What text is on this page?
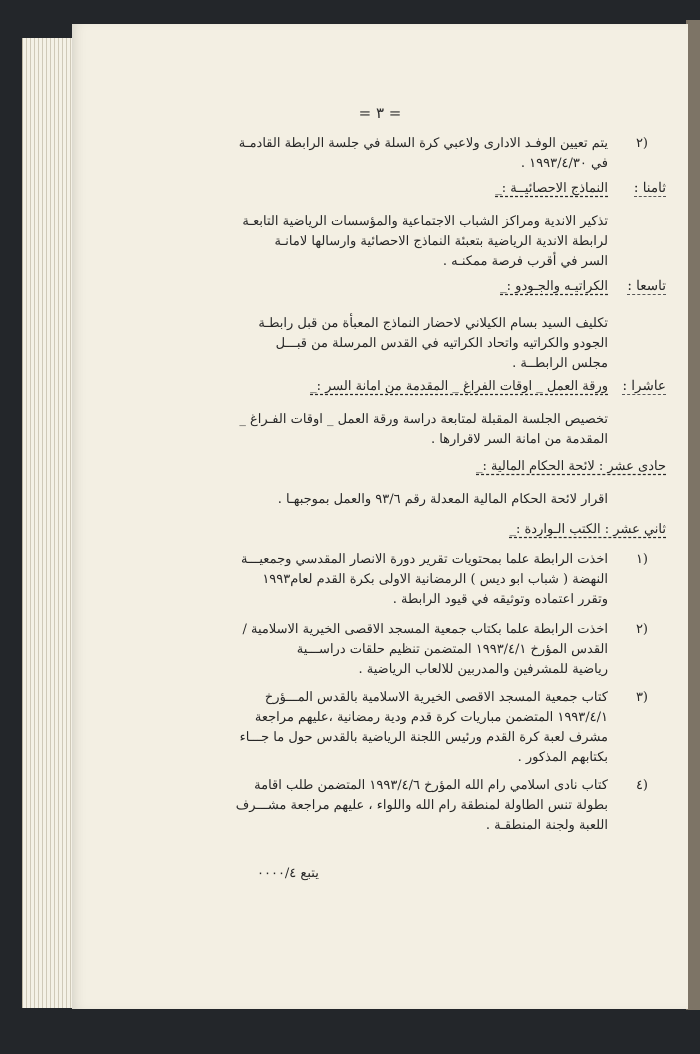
= ٣ =
٢)
يتم تعيين الوفـد الادارى ولاعبي كرة السلة في جلسة الرابطة القادمـة
في ١٩٩٣/٤/٣٠ .
ثامنا :
النماذج الاحصائيــة :_
تذكير الاندية ومراكز الشباب الاجتماعية والمؤسسات الرياضية التابعـة
لرابطة الاندية الرياضية بتعبئة النماذج الاحصائية وارسالها لامانـة
السر في أقرب فرصة ممكنـه .
تاسعا :
الكراتيـه والجـودو :_
تكليف السيد بسام الكيلاني لاحضار النماذج المعبأة من قبل رابطـة
الجودو والكراتيه واتحاد الكراتيه في القدس المرسلة من قبـــل
مجلس الرابطــة .
عاشرا :
ورقة العمل _ اوقات الفراغ _ المقدمة من امانة السر :_
تخصيص الجلسة المقبلة لمتابعة دراسة ورقة العمل _ اوقات الفـراغ _
المقدمة من امانة السر لاقرارها .
حادى عشر : لائحة الحكام المالية :_
اقرار لائحة الحكام المالية المعدلة رقم ٩٣/٦ والعمل بموجبهـا .
ثاني عشر : الكتب الـواردة :_
١)
اخذت الرابطة علما بمحتويات تقرير دورة الانصار المقدسي وجمعيـــة
النهضة ( شباب ابو ديس ) الرمضانية الاولى بكرة القدم لعام١٩٩٣
وتقرر اعتماده وتوثيقه في قيود الرابطة .
٢)
اخذت الرابطة علما بكتاب جمعية المسجد الاقصى الخيرية الاسلامية /
القدس المؤرخ ١٩٩٣/٤/١ المتضمن تنظيم حلقات دراســـية
رياضية للمشرفين والمدربين للالعاب الرياضية .
٣)
كتاب جمعية المسجد الاقصى الخيرية الاسلامية بالقدس المـــؤرخ
١٩٩٣/٤/١ المتضمن مباريات كرة قدم ودية رمضانية ،عليهم مراجعة
مشرف لعبة كرة القدم ورئيس اللجنة الرياضية بالقدس حول ما جـــاء
بكتابهم المذكور .
٤)
كتاب نادى اسلامي رام الله المؤرخ ١٩٩٣/٤/٦ المتضمن طلب اقامة
بطولة تنس الطاولة لمنطقة رام الله واللواء ، عليهم مراجعة مشـــرف
اللعبة ولجنة المنطقـة .
يتبع ٠٠٠٠/٤
